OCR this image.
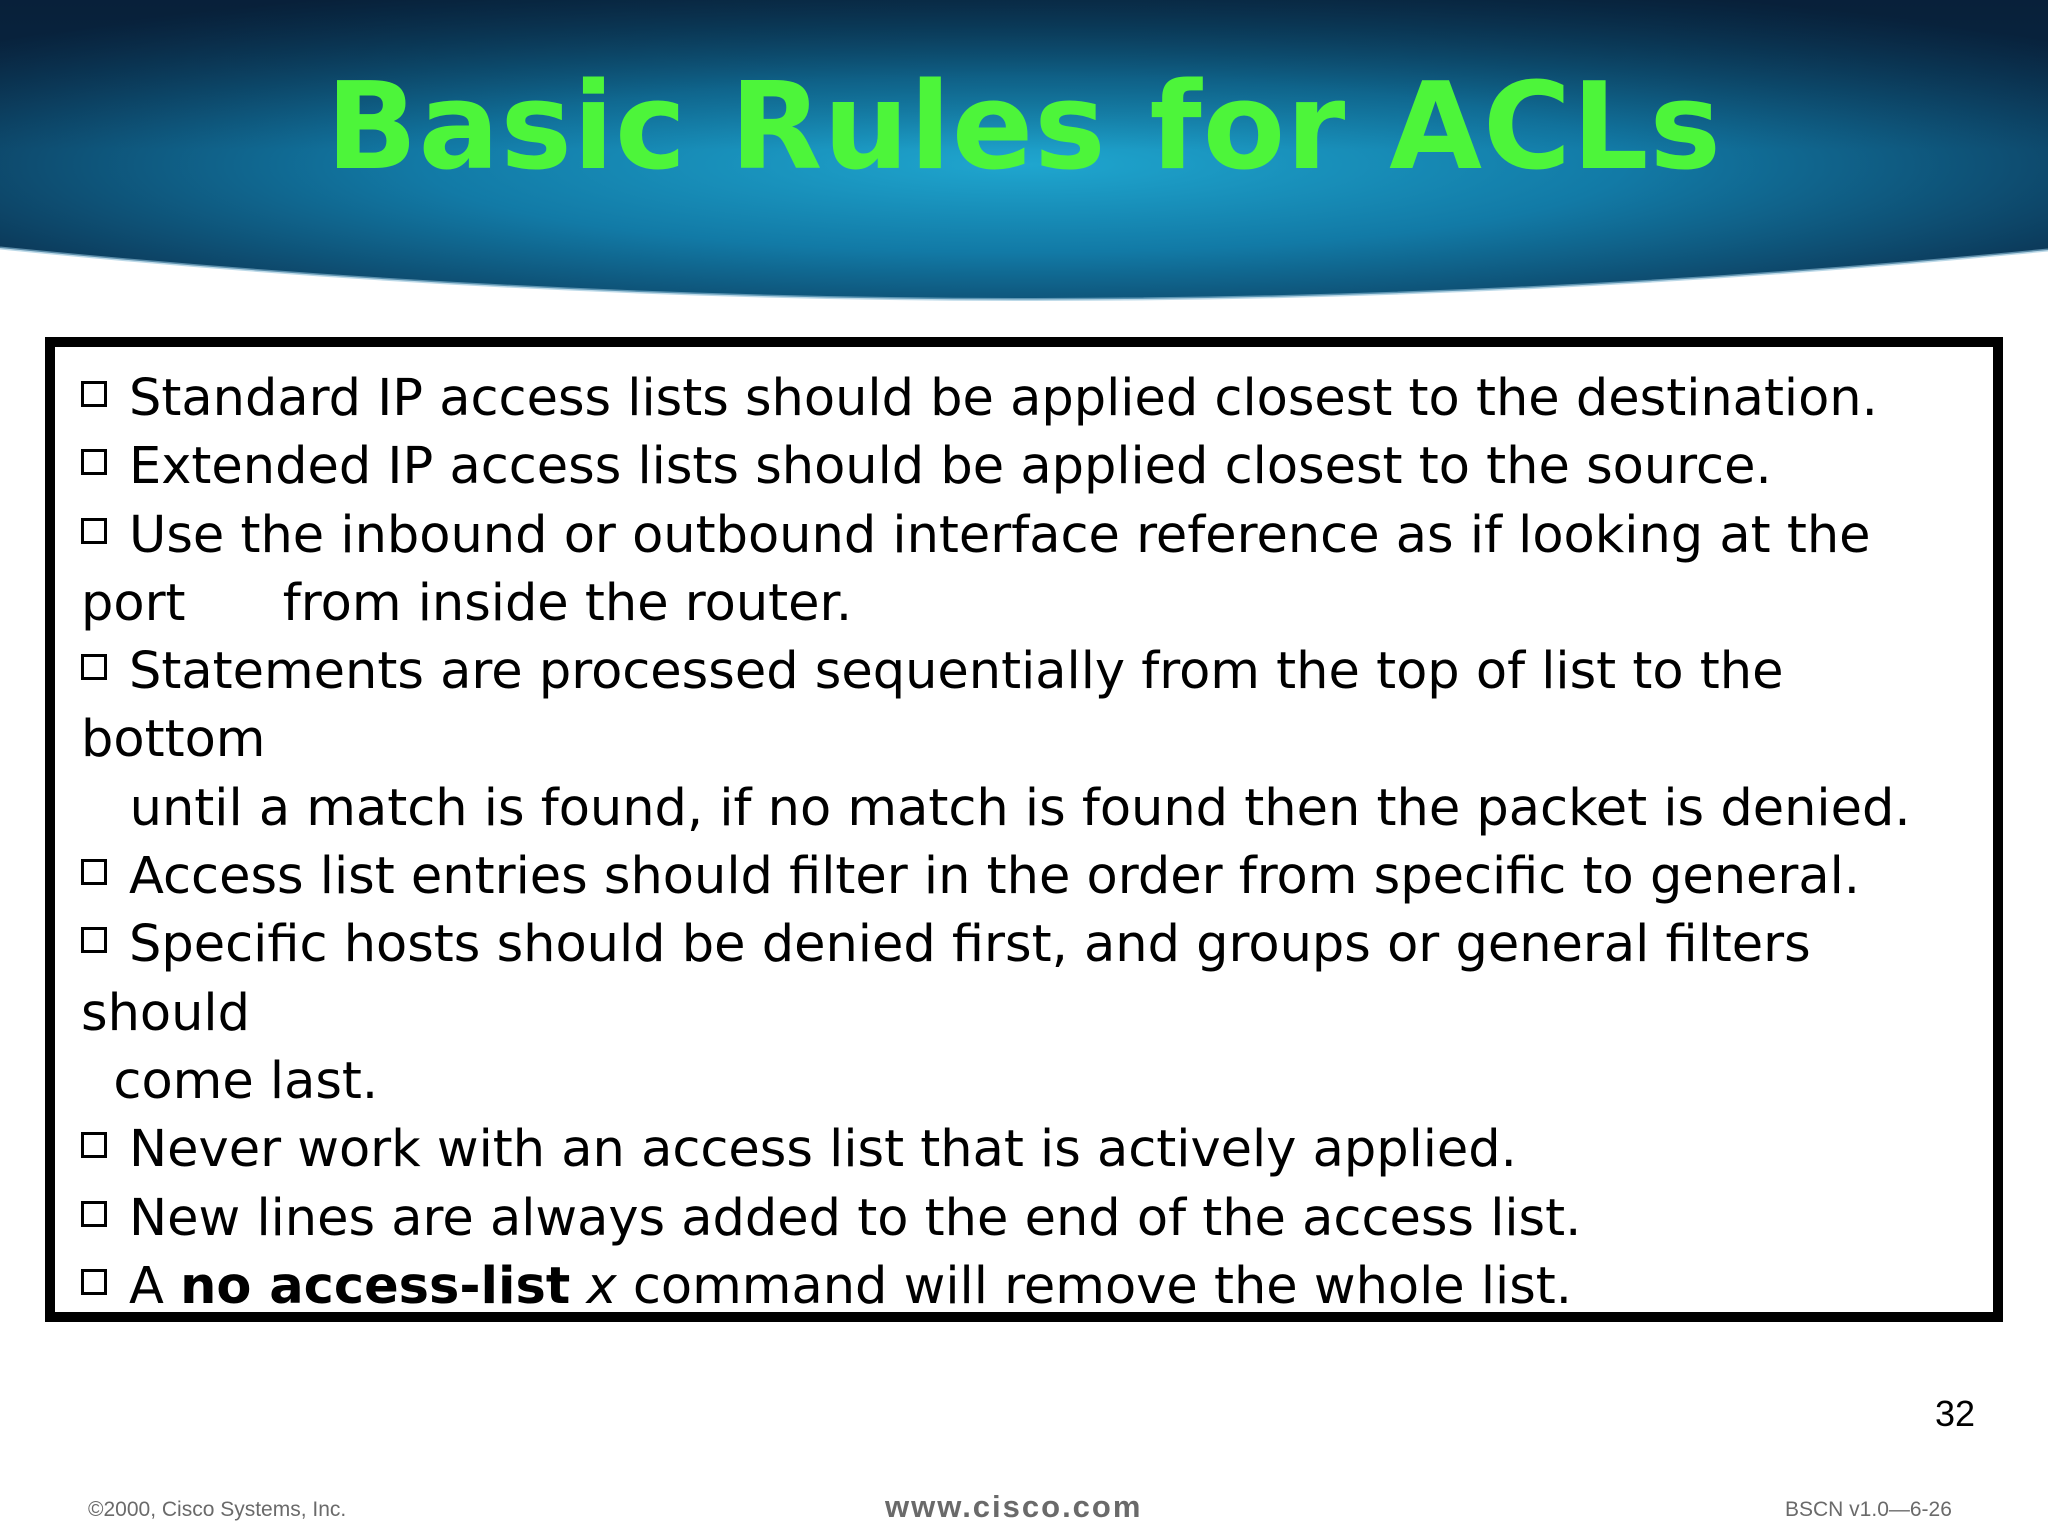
Basic Rules for ACLs
Standard IP access lists should be applied closest to the destination.
Extended IP access lists should be applied closest to the source.
Use the inbound or outbound interface reference as if looking at the
port      from inside the router.
Statements are processed sequentially from the top of list to the
bottom
until a match is found, if no match is found then the packet is denied.
Access list entries should filter in the order from specific to general.
Specific hosts should be denied first, and groups or general filters
should
come last.
Never work with an access list that is actively applied.
New lines are always added to the end of the access list.
A no access-list x command will remove the whole list.
32
©2000, Cisco Systems, Inc.	www.cisco.com	BSCN v1.0—6-26
